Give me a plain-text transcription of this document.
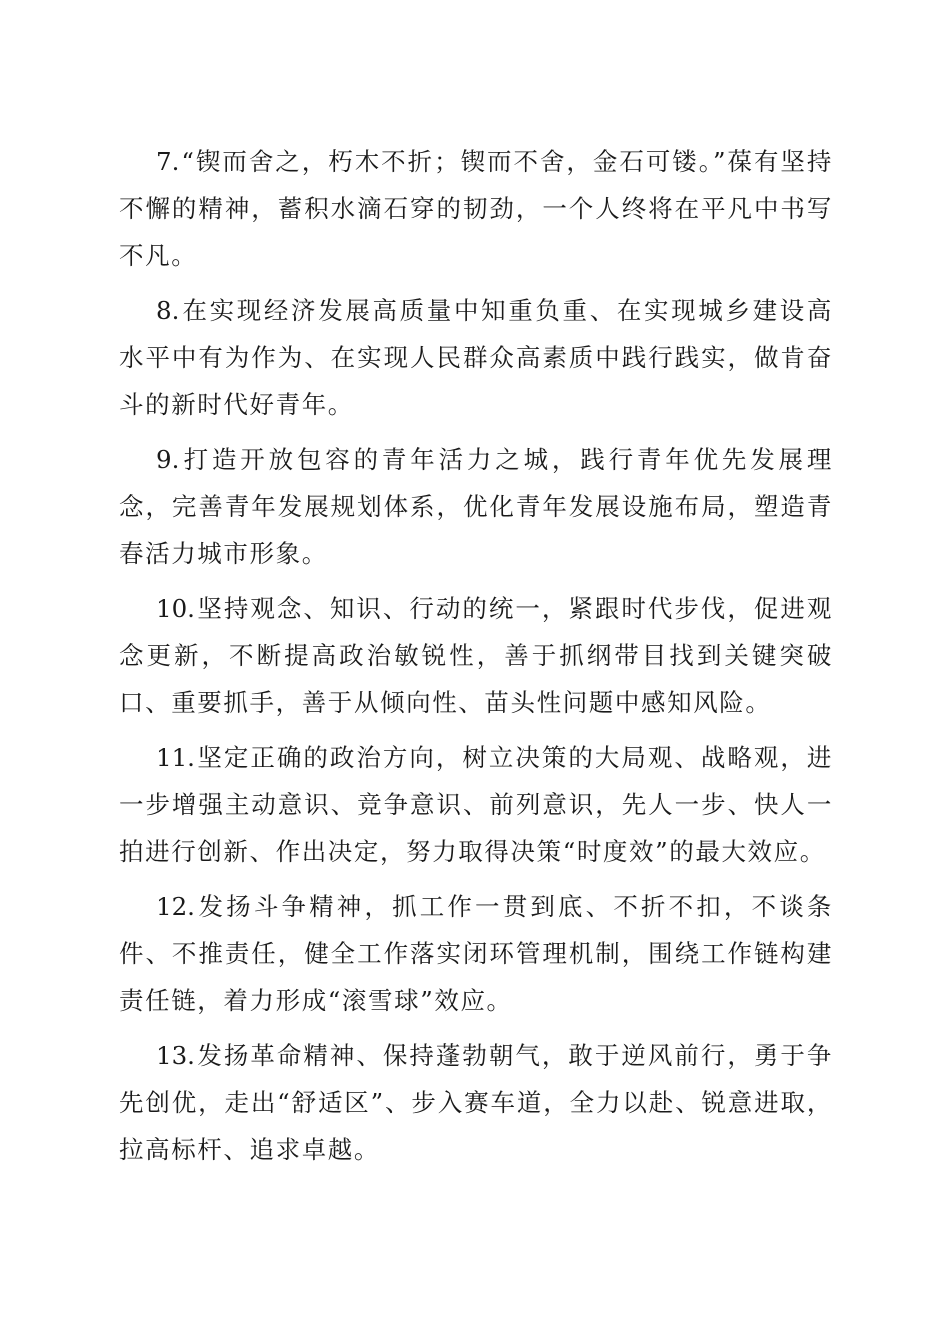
7.“锲而舍之，朽木不折；锲而不舍，金石可镂。”葆有坚持不懈的精神，蓄积水滴石穿的韧劲，一个人终将在平凡中书写不凡。

8.在实现经济发展高质量中知重负重、在实现城乡建设高水平中有为作为、在实现人民群众高素质中践行践实，做肯奋斗的新时代好青年。

9.打造开放包容的青年活力之城，践行青年优先发展理念，完善青年发展规划体系，优化青年发展设施布局，塑造青春活力城市形象。

10.坚持观念、知识、行动的统一，紧跟时代步伐，促进观念更新，不断提高政治敏锐性，善于抓纲带目找到关键突破口、重要抓手，善于从倾向性、苗头性问题中感知风险。

11.坚定正确的政治方向，树立决策的大局观、战略观，进一步增强主动意识、竞争意识、前列意识，先人一步、快人一拍进行创新、作出决定，努力取得决策“时度效”的最大效应。

12.发扬斗争精神，抓工作一贯到底、不折不扣，不谈条件、不推责任，健全工作落实闭环管理机制，围绕工作链构建责任链，着力形成“滚雪球”效应。

13.发扬革命精神、保持蓬勃朝气，敢于逆风前行，勇于争先创优，走出“舒适区”、步入赛车道，全力以赴、锐意进取，拉高标杆、追求卓越。
